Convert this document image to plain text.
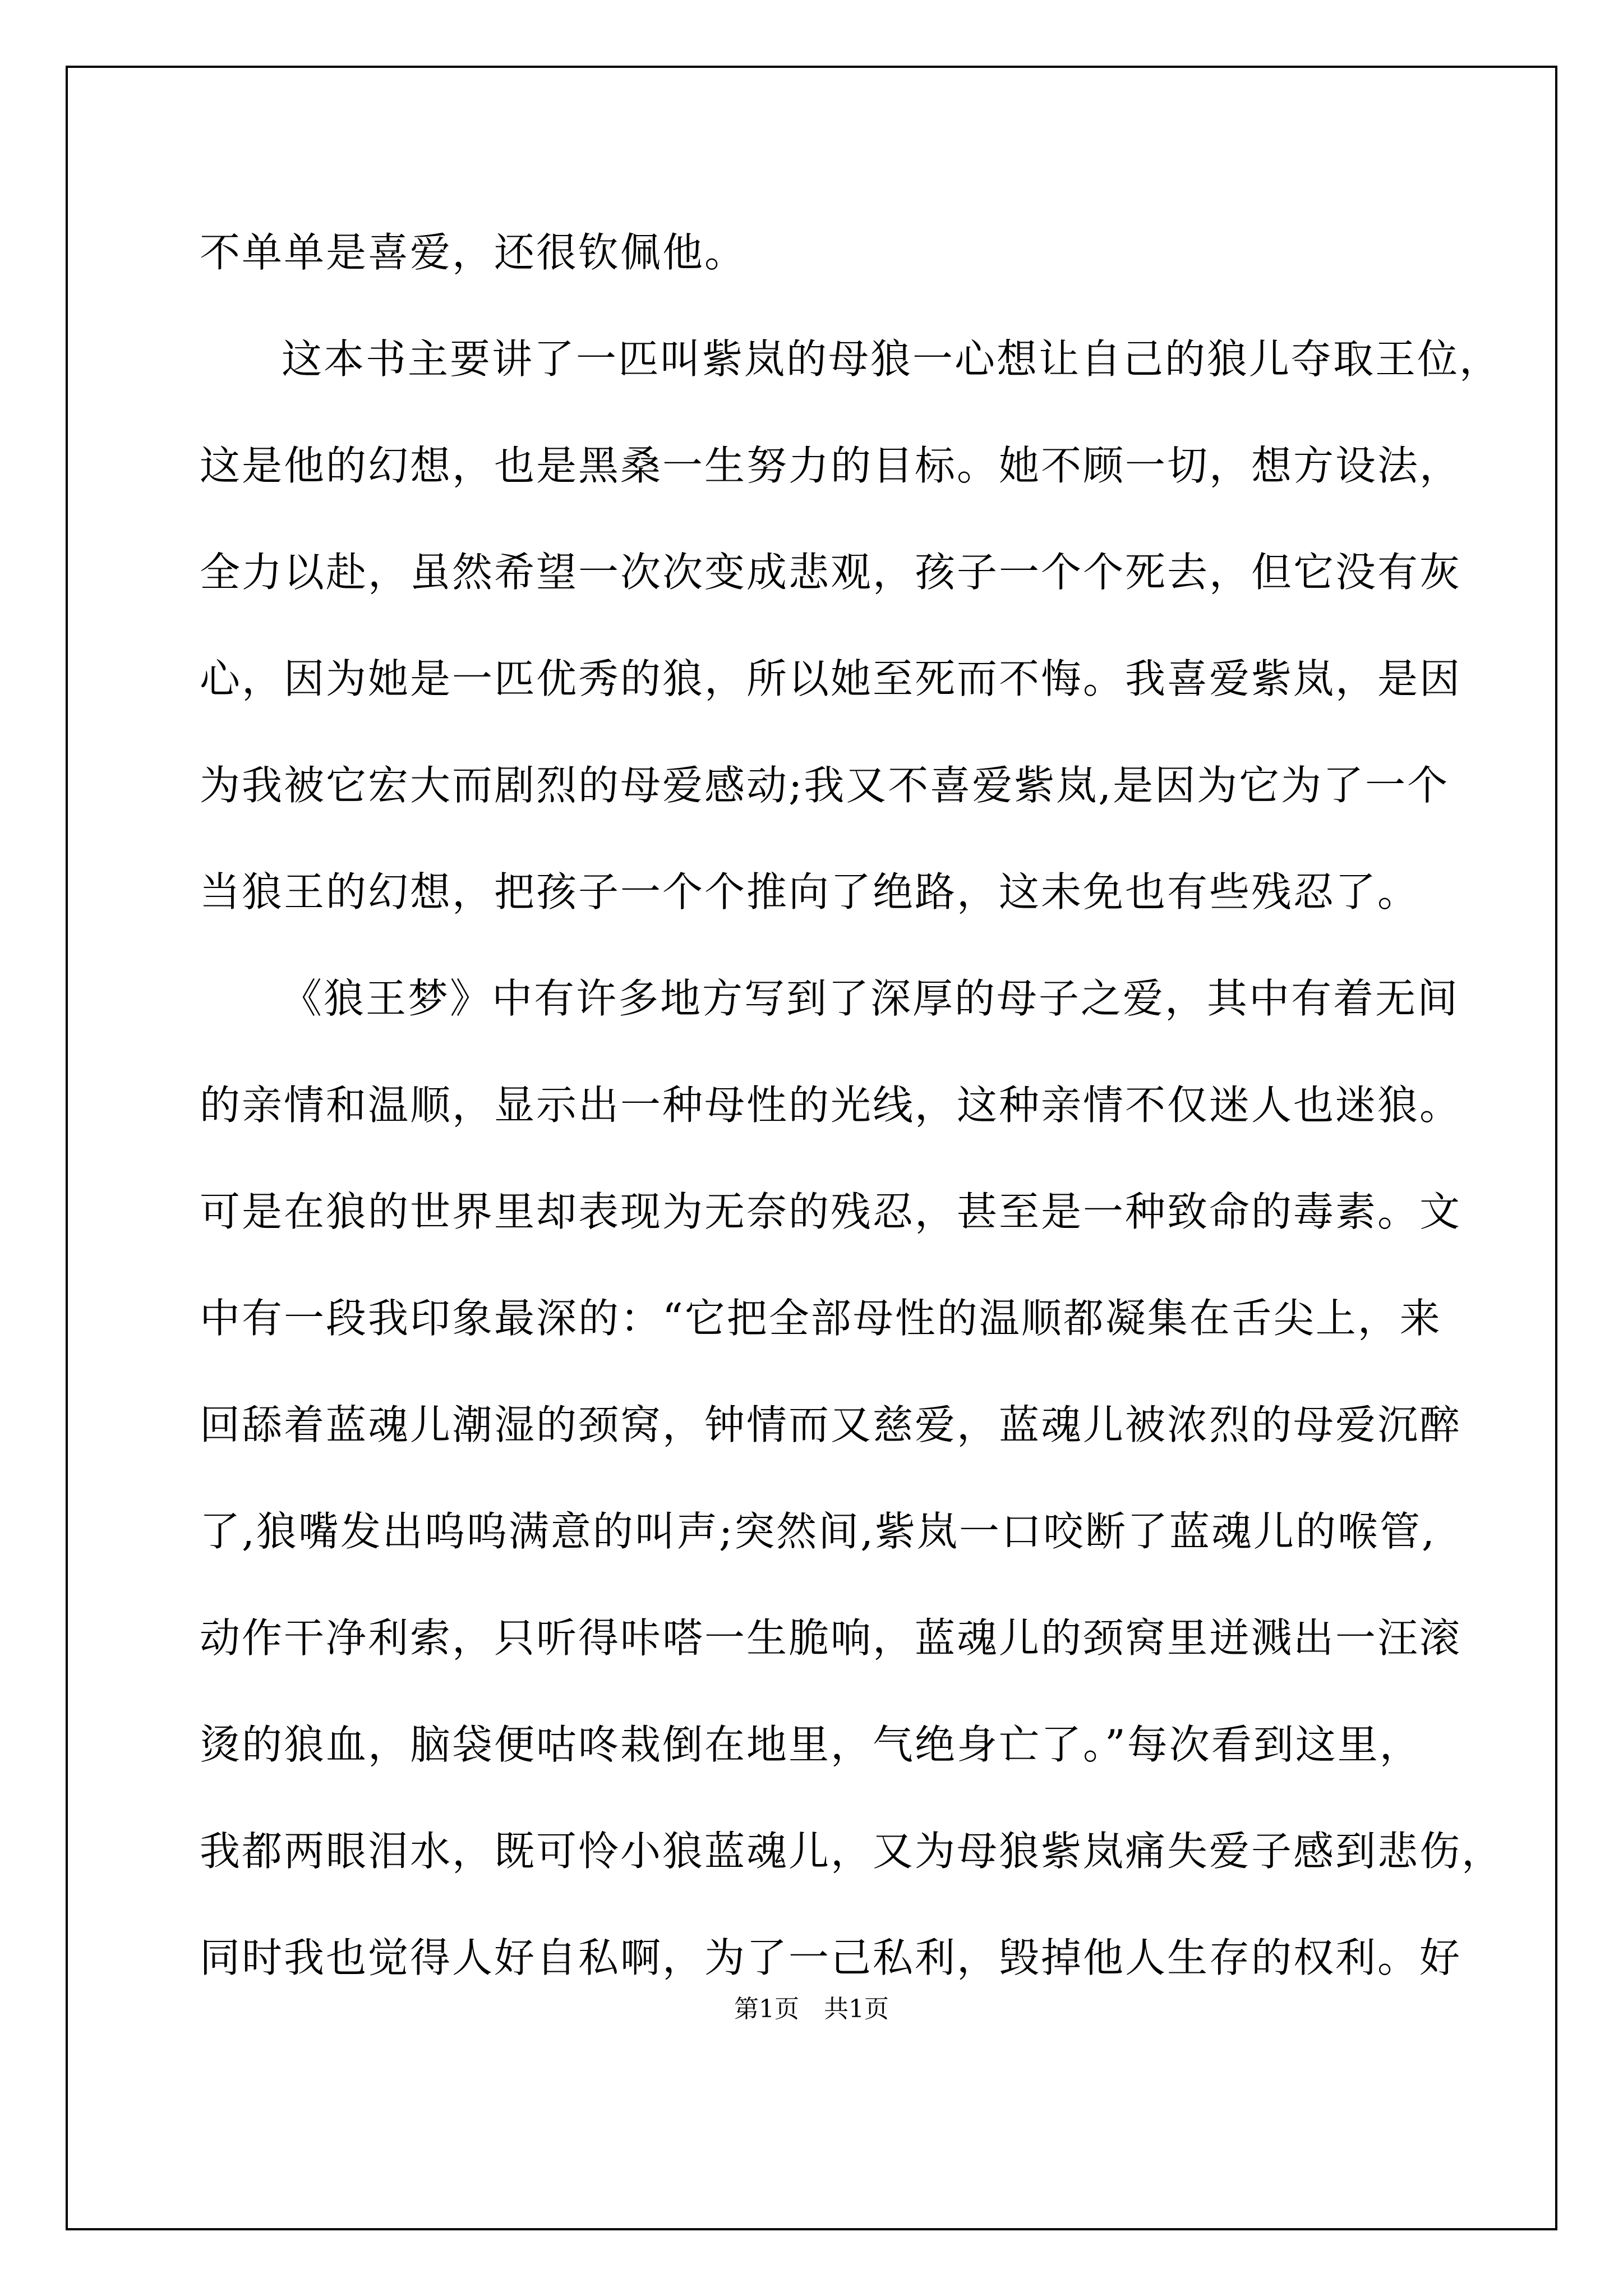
不单单是喜爱，还很钦佩他。
这本书主要讲了一匹叫紫岚的母狼一心想让自己的狼儿夺取王位，
这是他的幻想，也是黑桑一生努力的目标。她不顾一切，想方设法，
全力以赴，虽然希望一次次变成悲观，孩子一个个死去，但它没有灰
心，因为她是一匹优秀的狼，所以她至死而不悔。我喜爱紫岚，是因
为我被它宏大而剧烈的母爱感动;我又不喜爱紫岚,是因为它为了一个
当狼王的幻想，把孩子一个个推向了绝路，这未免也有些残忍了。
《狼王梦》中有许多地方写到了深厚的母子之爱，其中有着无间
的亲情和温顺，显示出一种母性的光线，这种亲情不仅迷人也迷狼。
可是在狼的世界里却表现为无奈的残忍，甚至是一种致命的毒素。文
中有一段我印象最深的：“它把全部母性的温顺都凝集在舌尖上，来
回舔着蓝魂儿潮湿的颈窝，钟情而又慈爱，蓝魂儿被浓烈的母爱沉醉
了,狼嘴发出呜呜满意的叫声;突然间,紫岚一口咬断了蓝魂儿的喉管,
动作干净利索，只听得咔嗒一生脆响，蓝魂儿的颈窝里迸溅出一汪滚
烫的狼血，脑袋便咕咚栽倒在地里，气绝身亡了。”每次看到这里，
我都两眼泪水，既可怜小狼蓝魂儿，又为母狼紫岚痛失爱子感到悲伤，
同时我也觉得人好自私啊，为了一己私利，毁掉他人生存的权利。好
第1页 共1页
